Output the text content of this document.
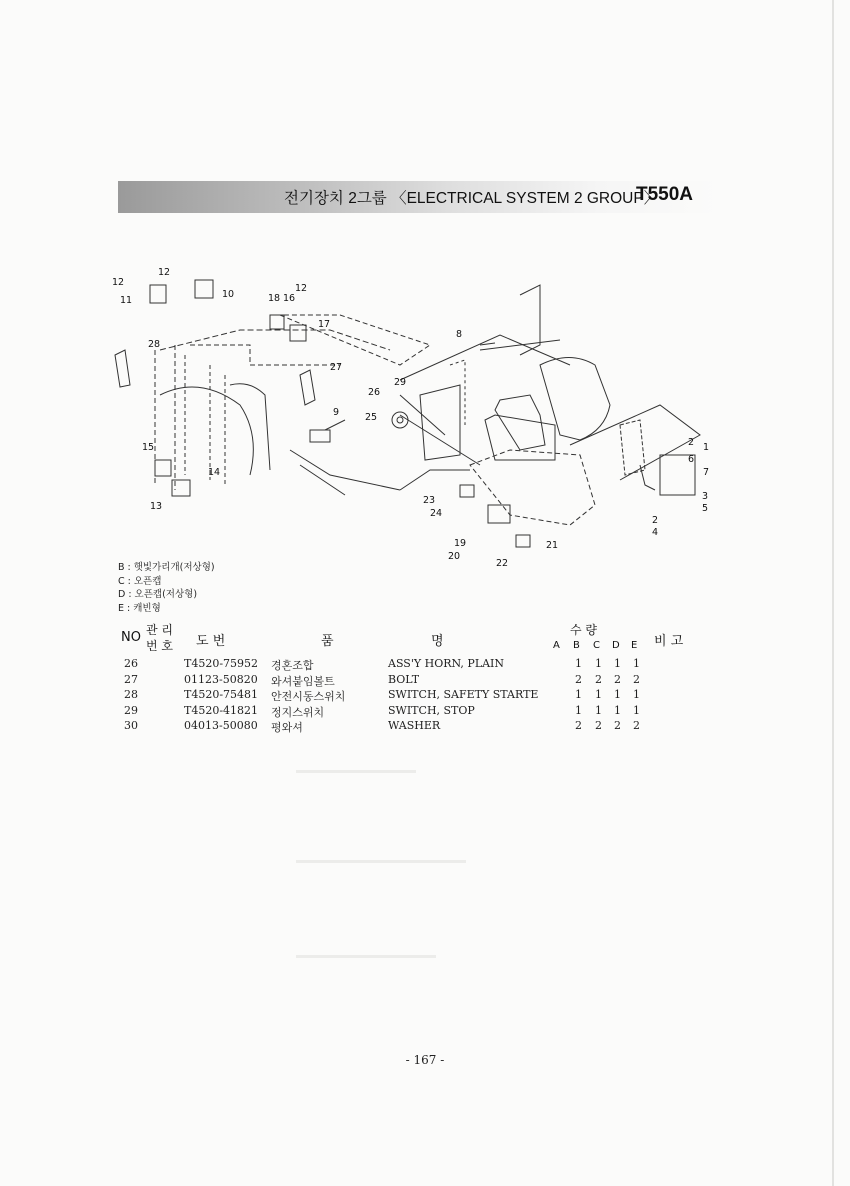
전기장치 2그룹 〈ELECTRICAL SYSTEM 2 GROUP〉
T550A
12
12
11
10	18 16
12
17
28
27
29
26
25
9
8
15
14
13
2
6
7
1
3
5
2
4
23
24
19
20
21
22
B : 햇빛가리개(저상형)
C : 오픈캡
D : 오픈캡(저상형)
E : 캐빈형
NO 관 리
번 호 도 번	품	명
수 량
A B C D E 비 고
26	T4520-75952 경혼조합	ASS'Y HORN, PLAIN	1 1 1 1
27	01123-50820 와셔붙임볼트	BOLT	2 2 2 2
28	T4520-75481 안전시동스위치	SWITCH, SAFETY STARTE	1 1 1 1
29	T4520-41821 정지스위치	SWITCH, STOP	1 1 1 1
30	04013-50080 평와셔	WASHER	2 2 2 2
- 167 -
